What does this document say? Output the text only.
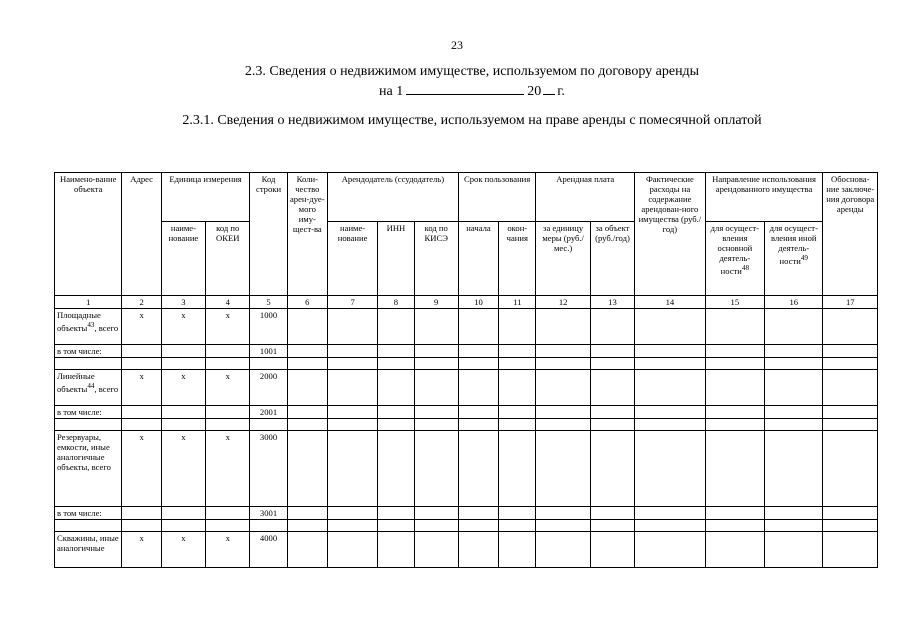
23
2.3. Сведения о недвижимом имуществе, используемом по договору аренды
на 1	20 г.
2.3.1. Сведения о недвижимом имуществе, используемом на праве аренды с помесячной оплатой
Наимено-вание объекта	Адрес	Единица измерения		Код строки	Коли-чество арен-дуе-мого иму-щест-ва	Арендодатель (ссудодатель)			Срок пользования		Арендная плата		Фактические расходы на содержание арендован-ного имущества (руб./год)	Направление использования арендованного имущества		Обоснова-ние заключе-ния договора аренды
		наиме-нование	код по ОКЕИ			наиме-нование	ИНН	код по КИСЭ	начала	окон-чания	за единицу меры (руб./мес.)	за объект (руб./год)		для осущест-вления основной деятель-ности$^{48}$	для осущест-вления иной деятель-ности$^{49}$
1	2	3	4	5	6	7	8	9	10	11	12	13	14	15	16	17
Площадные объекты$^{43}$, всего	x	x	x	1000												
в том числе:				1001												

Линейные объекты$^{44}$, всего	x	x	x	2000												
в том числе:				2001												

Резервуары, емкости, иные аналогичные объекты, всего	x	x	x	3000												
в том числе:				3001												

Скважины, иные аналогичные	x	x	x	4000												
